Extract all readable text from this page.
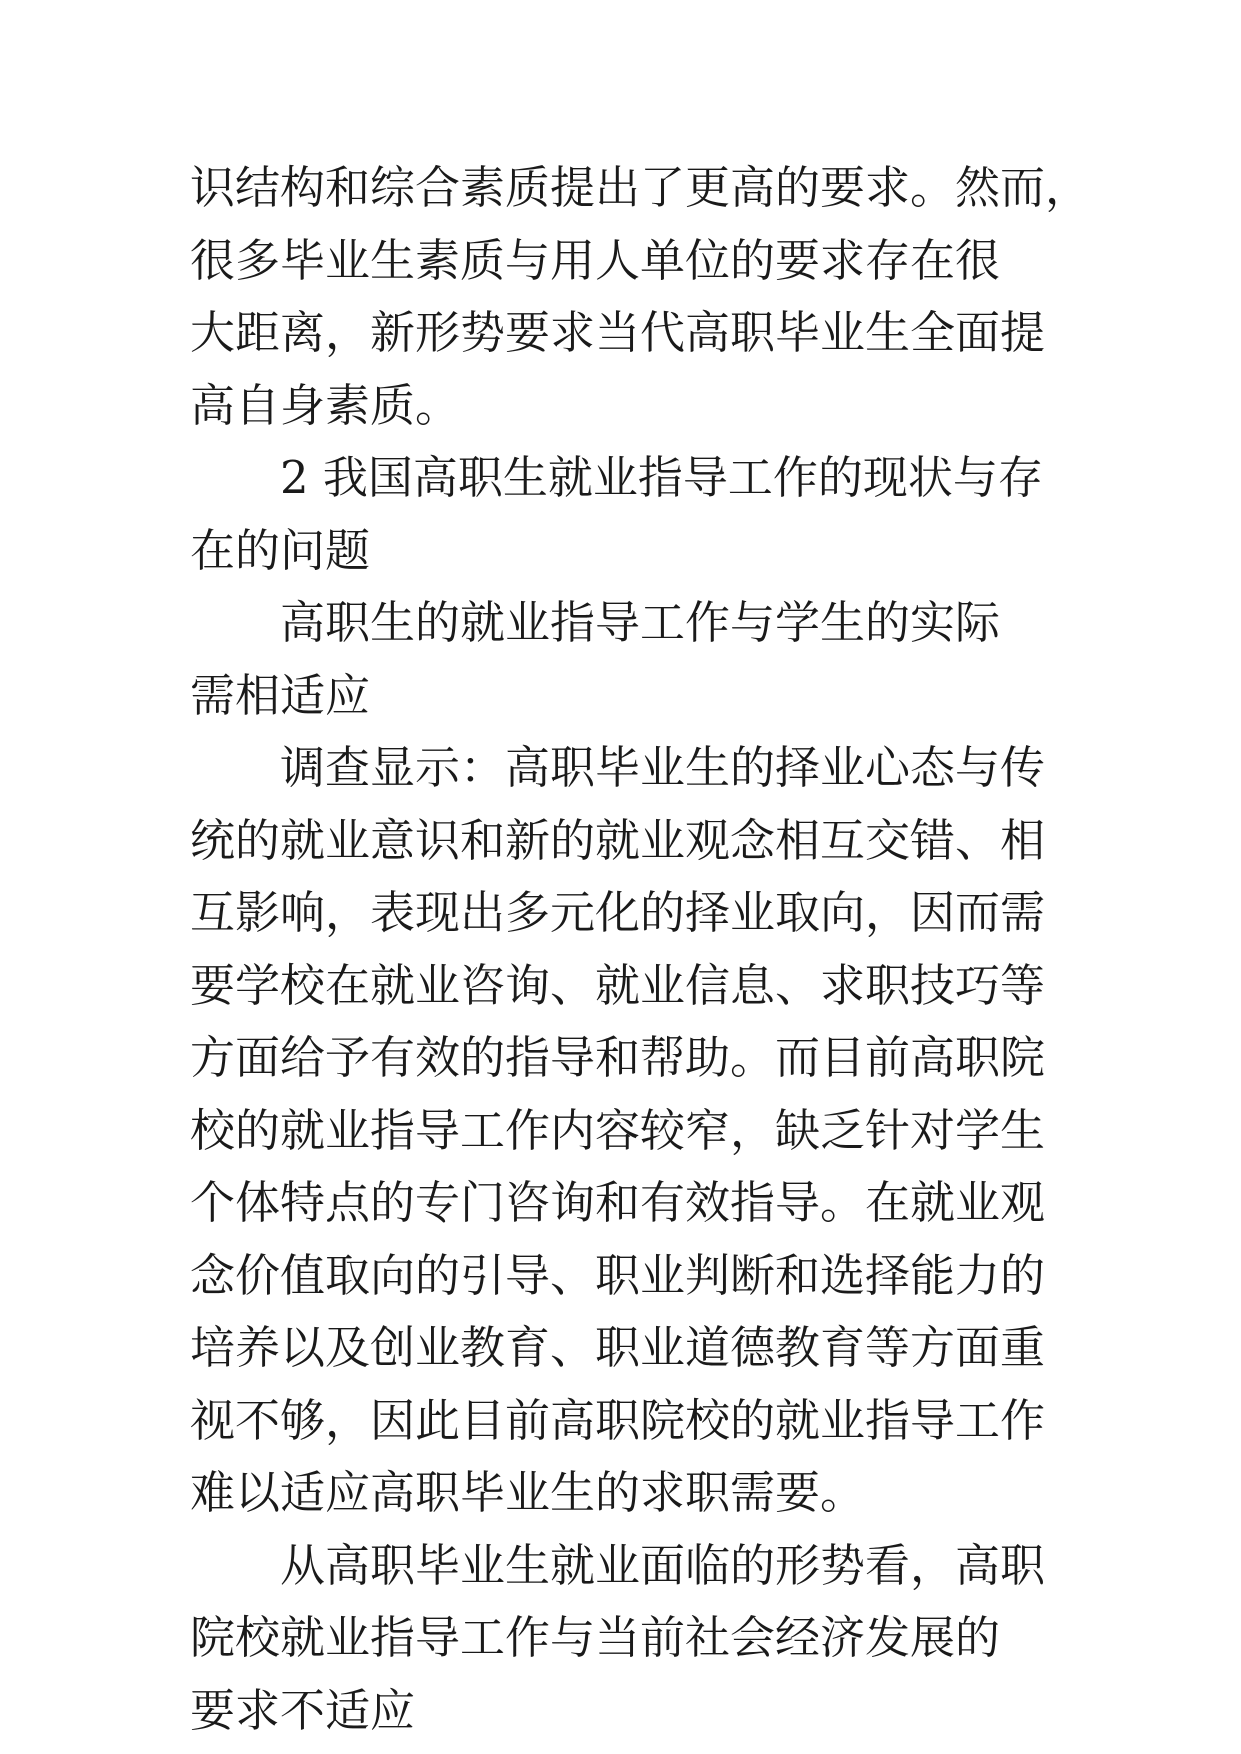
识结构和综合素质提出了更高的要求。然而，
很多毕业生素质与用人单位的要求存在很
大距离，新形势要求当代高职毕业生全面提
高自身素质。
2 我国高职生就业指导工作的现状与存
在的问题
高职生的就业指导工作与学生的实际
需相适应
调查显示：高职毕业生的择业心态与传
统的就业意识和新的就业观念相互交错、相
互影响，表现出多元化的择业取向，因而需
要学校在就业咨询、就业信息、求职技巧等
方面给予有效的指导和帮助。而目前高职院
校的就业指导工作内容较窄，缺乏针对学生
个体特点的专门咨询和有效指导。在就业观
念价值取向的引导、职业判断和选择能力的
培养以及创业教育、职业道德教育等方面重
视不够，因此目前高职院校的就业指导工作
难以适应高职毕业生的求职需要。
从高职毕业生就业面临的形势看，高职
院校就业指导工作与当前社会经济发展的
要求不适应
